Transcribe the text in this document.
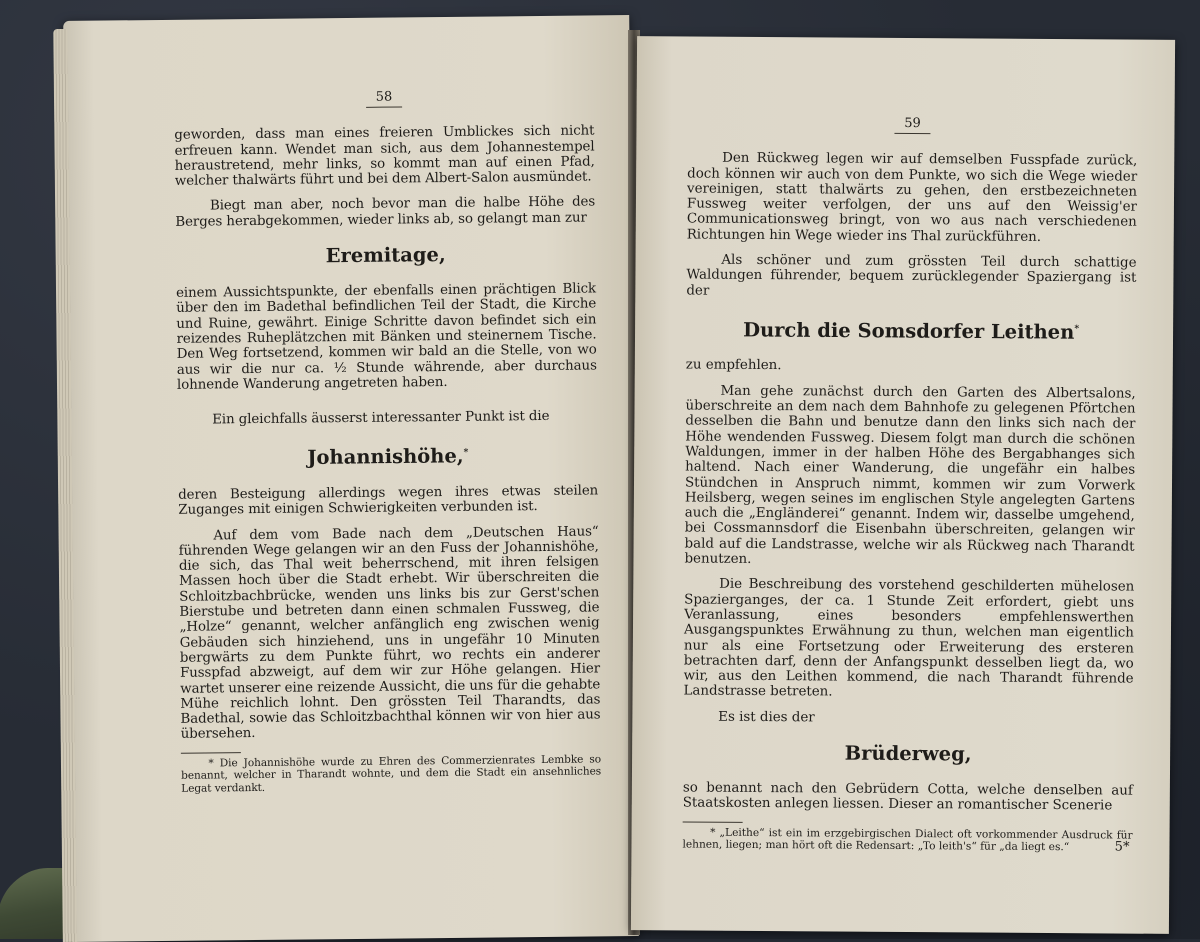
58

geworden, dass man eines freieren Umblickes sich nicht erfreuen kann. Wendet man sich, aus dem Johannestempel heraustretend, mehr links, so kommt man auf einen Pfad, welcher thalwärts führt und bei dem Albert-Salon ausmündet.

Biegt man aber, noch bevor man die halbe Höhe des Berges herabgekommen, wieder links ab, so gelangt man zur

Eremitage,

einem Aussichtspunkte, der ebenfalls einen prächtigen Blick über den im Badethal befindlichen Teil der Stadt, die Kirche und Ruine, gewährt. Einige Schritte davon befindet sich ein reizendes Ruheplätzchen mit Bänken und steinernem Tische. Den Weg fortsetzend, kommen wir bald an die Stelle, von wo aus wir die nur ca. ½ Stunde währende, aber durchaus lohnende Wanderung angetreten haben.

Ein gleichfalls äusserst interessanter Punkt ist die

Johannishöhe,*

deren Besteigung allerdings wegen ihres etwas steilen Zuganges mit einigen Schwierigkeiten verbunden ist.

Auf dem vom Bade nach dem „Deutschen Haus“ führenden Wege gelangen wir an den Fuss der Johannishöhe, die sich, das Thal weit beherrschend, mit ihren felsigen Massen hoch über die Stadt erhebt. Wir überschreiten die Schloitzbachbrücke, wenden uns links bis zur Gerst'schen Bierstube und betreten dann einen schmalen Fussweg, die „Holze“ genannt, welcher anfänglich eng zwischen wenig Gebäuden sich hinziehend, uns in ungefähr 10 Minuten bergwärts zu dem Punkte führt, wo rechts ein anderer Fusspfad abzweigt, auf dem wir zur Höhe gelangen. Hier wartet unserer eine reizende Aussicht, die uns für die gehabte Mühe reichlich lohnt. Den grössten Teil Tharandts, das Badethal, sowie das Schloitzbachthal können wir von hier aus übersehen.

* Die Johannishöhe wurde zu Ehren des Commerzienrates Lembke so benannt, welcher in Tharandt wohnte, und dem die Stadt ein ansehnliches Legat verdankt.

59

Den Rückweg legen wir auf demselben Fusspfade zurück, doch können wir auch von dem Punkte, wo sich die Wege wieder vereinigen, statt thalwärts zu gehen, den erstbezeichneten Fussweg weiter verfolgen, der uns auf den Weissig'er Communicationsweg bringt, von wo aus nach verschiedenen Richtungen hin Wege wieder ins Thal zurückführen.

Als schöner und zum grössten Teil durch schattige Waldungen führender, bequem zurücklegender Spaziergang ist der

Durch die Somsdorfer Leithen*

zu empfehlen.

Man gehe zunächst durch den Garten des Albertsalons, überschreite an dem nach dem Bahnhofe zu gelegenen Pförtchen desselben die Bahn und benutze dann den links sich nach der Höhe wendenden Fussweg. Diesem folgt man durch die schönen Waldungen, immer in der halben Höhe des Bergabhanges sich haltend. Nach einer Wanderung, die ungefähr ein halbes Stündchen in Anspruch nimmt, kommen wir zum Vorwerk Heilsberg, wegen seines im englischen Style angelegten Gartens auch die „Engländerei“ genannt. Indem wir, dasselbe umgehend, bei Cossmannsdorf die Eisenbahn überschreiten, gelangen wir bald auf die Landstrasse, welche wir als Rückweg nach Tharandt benutzen.

Die Beschreibung des vorstehend geschilderten mühelosen Spazierganges, der ca. 1 Stunde Zeit erfordert, giebt uns Veranlassung, eines besonders empfehlenswerthen Ausgangspunktes Erwähnung zu thun, welchen man eigentlich nur als eine Fortsetzung oder Erweiterung des ersteren betrachten darf, denn der Anfangspunkt desselben liegt da, wo wir, aus den Leithen kommend, die nach Tharandt führende Landstrasse betreten.

Es ist dies der

Brüderweg,

so benannt nach den Gebrüdern Cotta, welche denselben auf Staatskosten anlegen liessen. Dieser an romantischer Scenerie

* „Leithe“ ist ein im erzgebirgischen Dialect oft vorkommender Ausdruck für lehnen, liegen; man hört oft die Redensart: „To leith's“ für „da liegt es.“	5*
